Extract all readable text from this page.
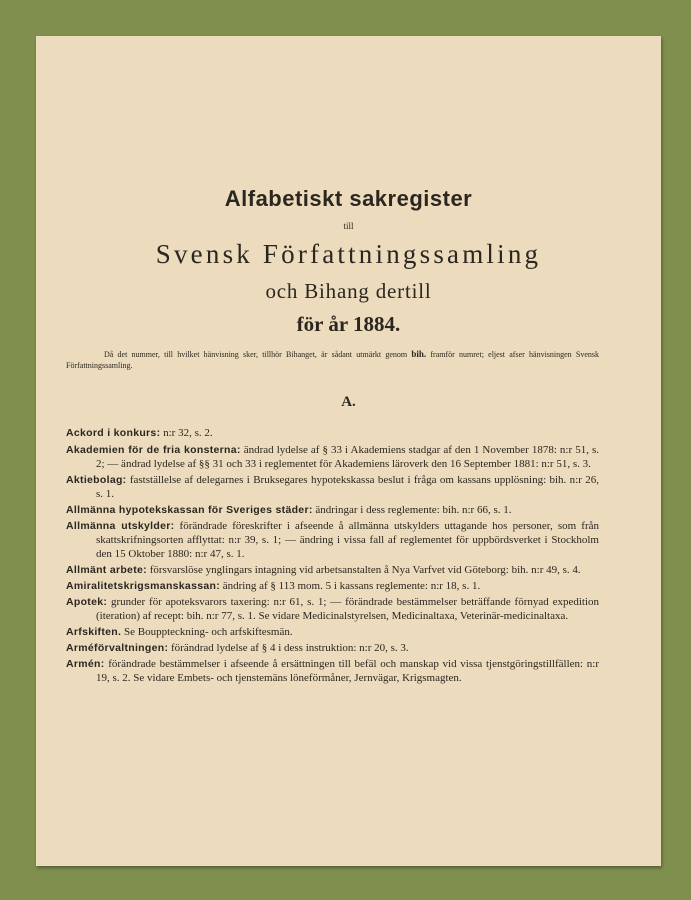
Alfabetiskt sakregister
till
Svensk Författningssamling
och Bihang dertill
för år 1884.
Då det nummer, till hvilket hänvisning sker, tillhör Bihanget, är sådant utmärkt genom bih. framför numret; eljest afser hänvisningen Svensk Författningssamling.
A.
Ackord i konkurs: n:r 32, s. 2.
Akademien för de fria konsterna: ändrad lydelse af § 33 i Akademiens stadgar af den 1 November 1878: n:r 51, s. 2; — ändrad lydelse af §§ 31 och 33 i reglementet för Akademiens läroverk den 16 September 1881: n:r 51, s. 3.
Aktiebolag: fastställelse af delegarnes i Bruksegares hypotekskassa beslut i fråga om kassans upplösning: bih. n:r 26, s. 1.
Allmänna hypotekskassan för Sveriges städer: ändringar i dess reglemente: bih. n:r 66, s. 1.
Allmänna utskylder: förändrade föreskrifter i afseende å allmänna utskylders uttagande hos personer, som från skattskrifningsorten afflyttat: n:r 39, s. 1; — ändring i vissa fall af reglementet för uppbördsverket i Stockholm den 15 Oktober 1880: n:r 47, s. 1.
Allmänt arbete: försvarslöse ynglingars intagning vid arbetsanstalten å Nya Varfvet vid Göteborg: bih. n:r 49, s. 4.
Amiralitetskrigsmanskassan: ändring af § 113 mom. 5 i kassans reglemente: n:r 18, s. 1.
Apotek: grunder för apoteksvarors taxering: n:r 61, s. 1; — förändrade bestämmelser beträffande förnyad expedition (iteration) af recept: bih. n:r 77, s. 1. Se vidare Medicinalstyrelsen, Medicinaltaxa, Veterinär-medicinaltaxa.
Arfskiften. Se Bouppteckning- och arfskiftesmän.
Arméförvaltningen: förändrad lydelse af § 4 i dess instruktion: n:r 20, s. 3.
Armén: förändrade bestämmelser i afseende å ersättningen till befäl och manskap vid vissa tjenstgöringstillfällen: n:r 19, s. 2. Se vidare Embets- och tjenstemäns löneförmåner, Jernvägar, Krigsmagten.
